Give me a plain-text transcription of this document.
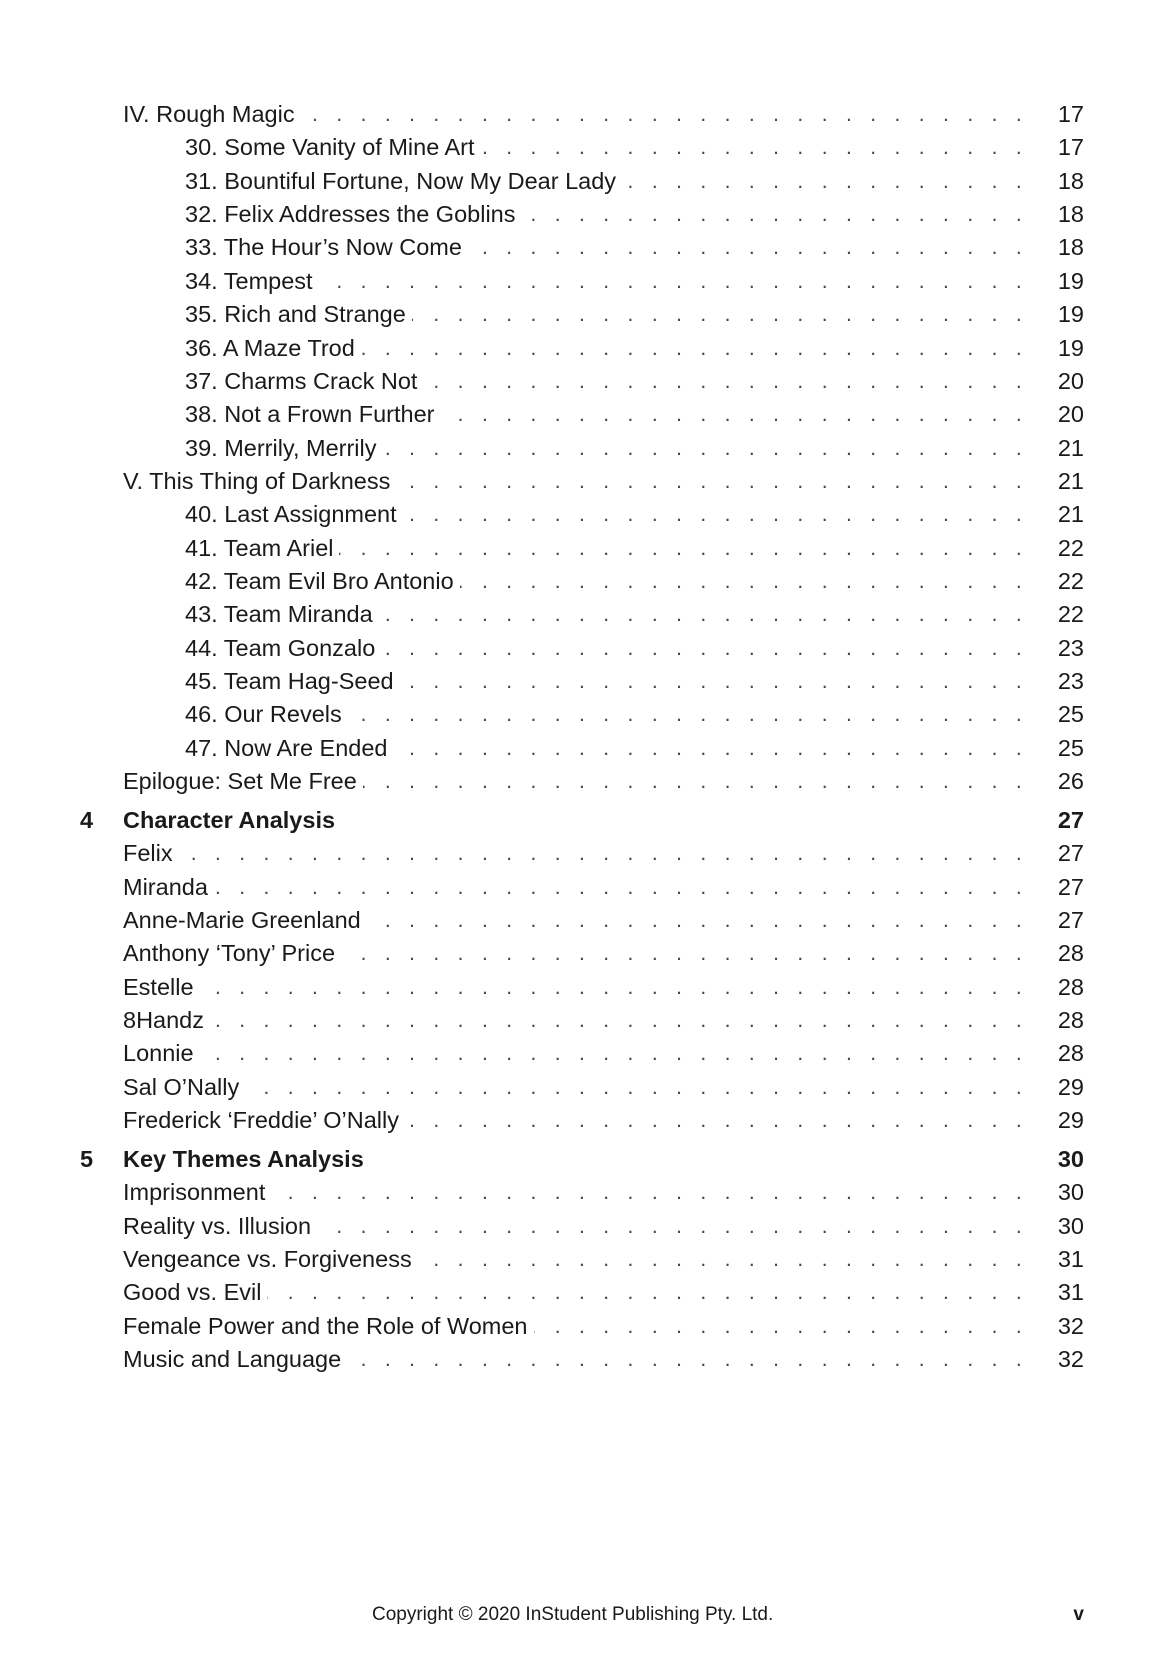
IV. Rough Magic . . .	17
30. Some Vanity of Mine Art . . .	17
31. Bountiful Fortune, Now My Dear Lady . . .	18
32. Felix Addresses the Goblins . . .	18
33. The Hour’s Now Come . . .	18
34. Tempest . . .	19
35. Rich and Strange . . .	19
36. A Maze Trod . . .	19
37. Charms Crack Not . . .	20
38. Not a Frown Further . . .	20
39. Merrily, Merrily . . .	21
V. This Thing of Darkness . . .	21
40. Last Assignment . . .	21
41. Team Ariel . . .	22
42. Team Evil Bro Antonio . . .	22
43. Team Miranda . . .	22
44. Team Gonzalo . . .	23
45. Team Hag-Seed . . .	23
46. Our Revels . . .	25
47. Now Are Ended . . .	25
Epilogue: Set Me Free . . .	26
4	Character Analysis	27
Felix . . .	27
Miranda . . .	27
Anne-Marie Greenland . . .	27
Anthony ‘Tony’ Price . . .	28
Estelle . . .	28
8Handz . . .	28
Lonnie . . .	28
Sal O’Nally . . .	29
Frederick ‘Freddie’ O’Nally . . .	29
5	Key Themes Analysis	30
Imprisonment . . .	30
Reality vs. Illusion . . .	30
Vengeance vs. Forgiveness . . .	31
Good vs. Evil . . .	31
Female Power and the Role of Women . . .	32
Music and Language . . .	32
Copyright © 2020 InStudent Publishing Pty. Ltd.	v
